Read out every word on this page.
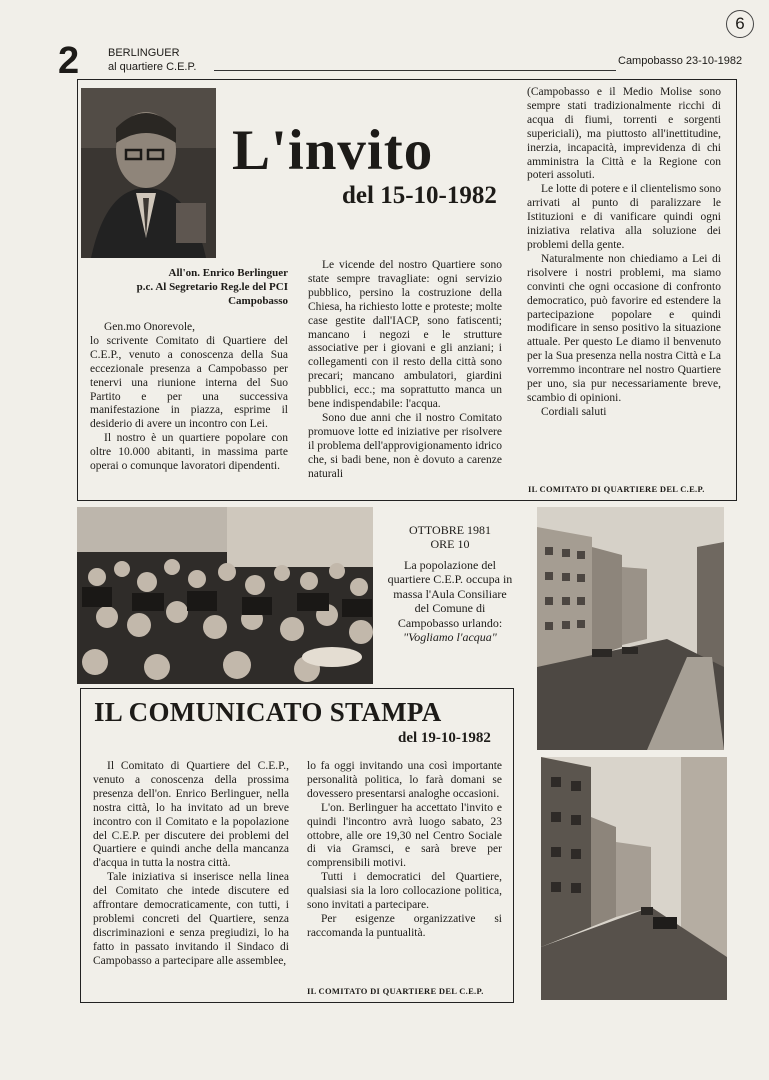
2	BERLINGUER
al quartiere C.E.P.	Campobasso 23-10-1982
6
L'invito
del 15-10-1982
All'on. Enrico Berlinguer
p.c. Al Segretario Reg.le del PCI
Campobasso

Gen.mo Onorevole,

lo scrivente Comitato di Quartiere del C.E.P., venuto a conoscenza della Sua eccezionale presenza a Campobasso per tenervi una riunione interna del Suo Partito e per una successiva manifestazione in piazza, esprime il desiderio di avere un incontro con Lei.

Il nostro è un quartiere popolare con oltre 10.000 abitanti, in massima parte operai o comunque lavoratori dipendenti.

Le vicende del nostro Quartiere sono state sempre travagliate: ogni servizio pubblico, persino la costruzione della Chiesa, ha richiesto lotte e proteste; molte case gestite dall'IACP, sono fatiscenti; mancano i negozi e le strutture associative per i giovani e gli anziani; i collegamenti con il resto della città sono precari; mancano ambulatori, giardini pubblici, ecc.; ma soprattutto manca un bene indispendabile: l'acqua.

Sono due anni che il nostro Comitato promuove lotte ed iniziative per risolvere il problema dell'approvigionamento idrico che, si badi bene, non è dovuto a carenze naturali

(Campobasso e il Medio Molise sono sempre stati tradizionalmente ricchi di acqua di fiumi, torrenti e sorgenti supericiali), ma piuttosto all'inettitudine, inerzia, incapacità, imprevidenza di chi amministra la Città e la Regione con poteri assoluti.

Le lotte di potere e il clientelismo sono arrivati al punto di paralizzare le Istituzioni e di vanificare quindi ogni iniziativa relativa alla soluzione dei problemi della gente.

Naturalmente non chiediamo a Lei di risolvere i nostri problemi, ma siamo convinti che ogni occasione di confronto democratico, può favorire ed estendere la partecipazione popolare e quindi modificare in senso positivo la situazione attuale. Per questo Le diamo il benvenuto per la Sua presenza nella nostra Città e La vorremmo incontrare nel nostro Quartiere per uno, sia pur necessariamente breve, scambio di opinioni.

Cordiali saluti

IL COMITATO DI QUARTIERE DEL C.E.P.
OTTOBRE 1981
ORE 10
La popolazione del quartiere C.E.P. occupa in massa l'Aula Consiliare del Comune di Campobasso urlando:
"Vogliamo l'acqua"
IL COMUNICATO STAMPA
del 19-10-1982

Il Comitato di Quartiere del C.E.P., venuto a conoscenza della prossima presenza dell'on. Enrico Berlinguer, nella nostra città, lo ha invitato ad un breve incontro con il Comitato e la popolazione del C.E.P. per discutere dei problemi del Quartiere e quindi anche della mancanza d'acqua in tutta la nostra città.

Tale iniziativa si inserisce nella linea del Comitato che intede discutere ed affrontare democraticamente, con tutti, i problemi concreti del Quartiere, senza discriminazioni e senza pregiudizi, lo ha fatto in passato invitando il Sindaco di Campobasso a partecipare alle assemblee,

lo fa oggi invitando una così importante personalità politica, lo farà domani se dovessero presentarsi analoghe occasioni.

L'on. Berlinguer ha accettato l'invito e quindi l'incontro avrà luogo sabato, 23 ottobre, alle ore 19,30 nel Centro Sociale di via Gramsci, e sarà breve per comprensibili motivi.

Tutti i democratici del Quartiere, qualsiasi sia la loro collocazione politica, sono invitati a partecipare.

Per esigenze organizzative si raccomanda la puntualità.

IL COMITATO DI QUARTIERE DEL C.E.P.
